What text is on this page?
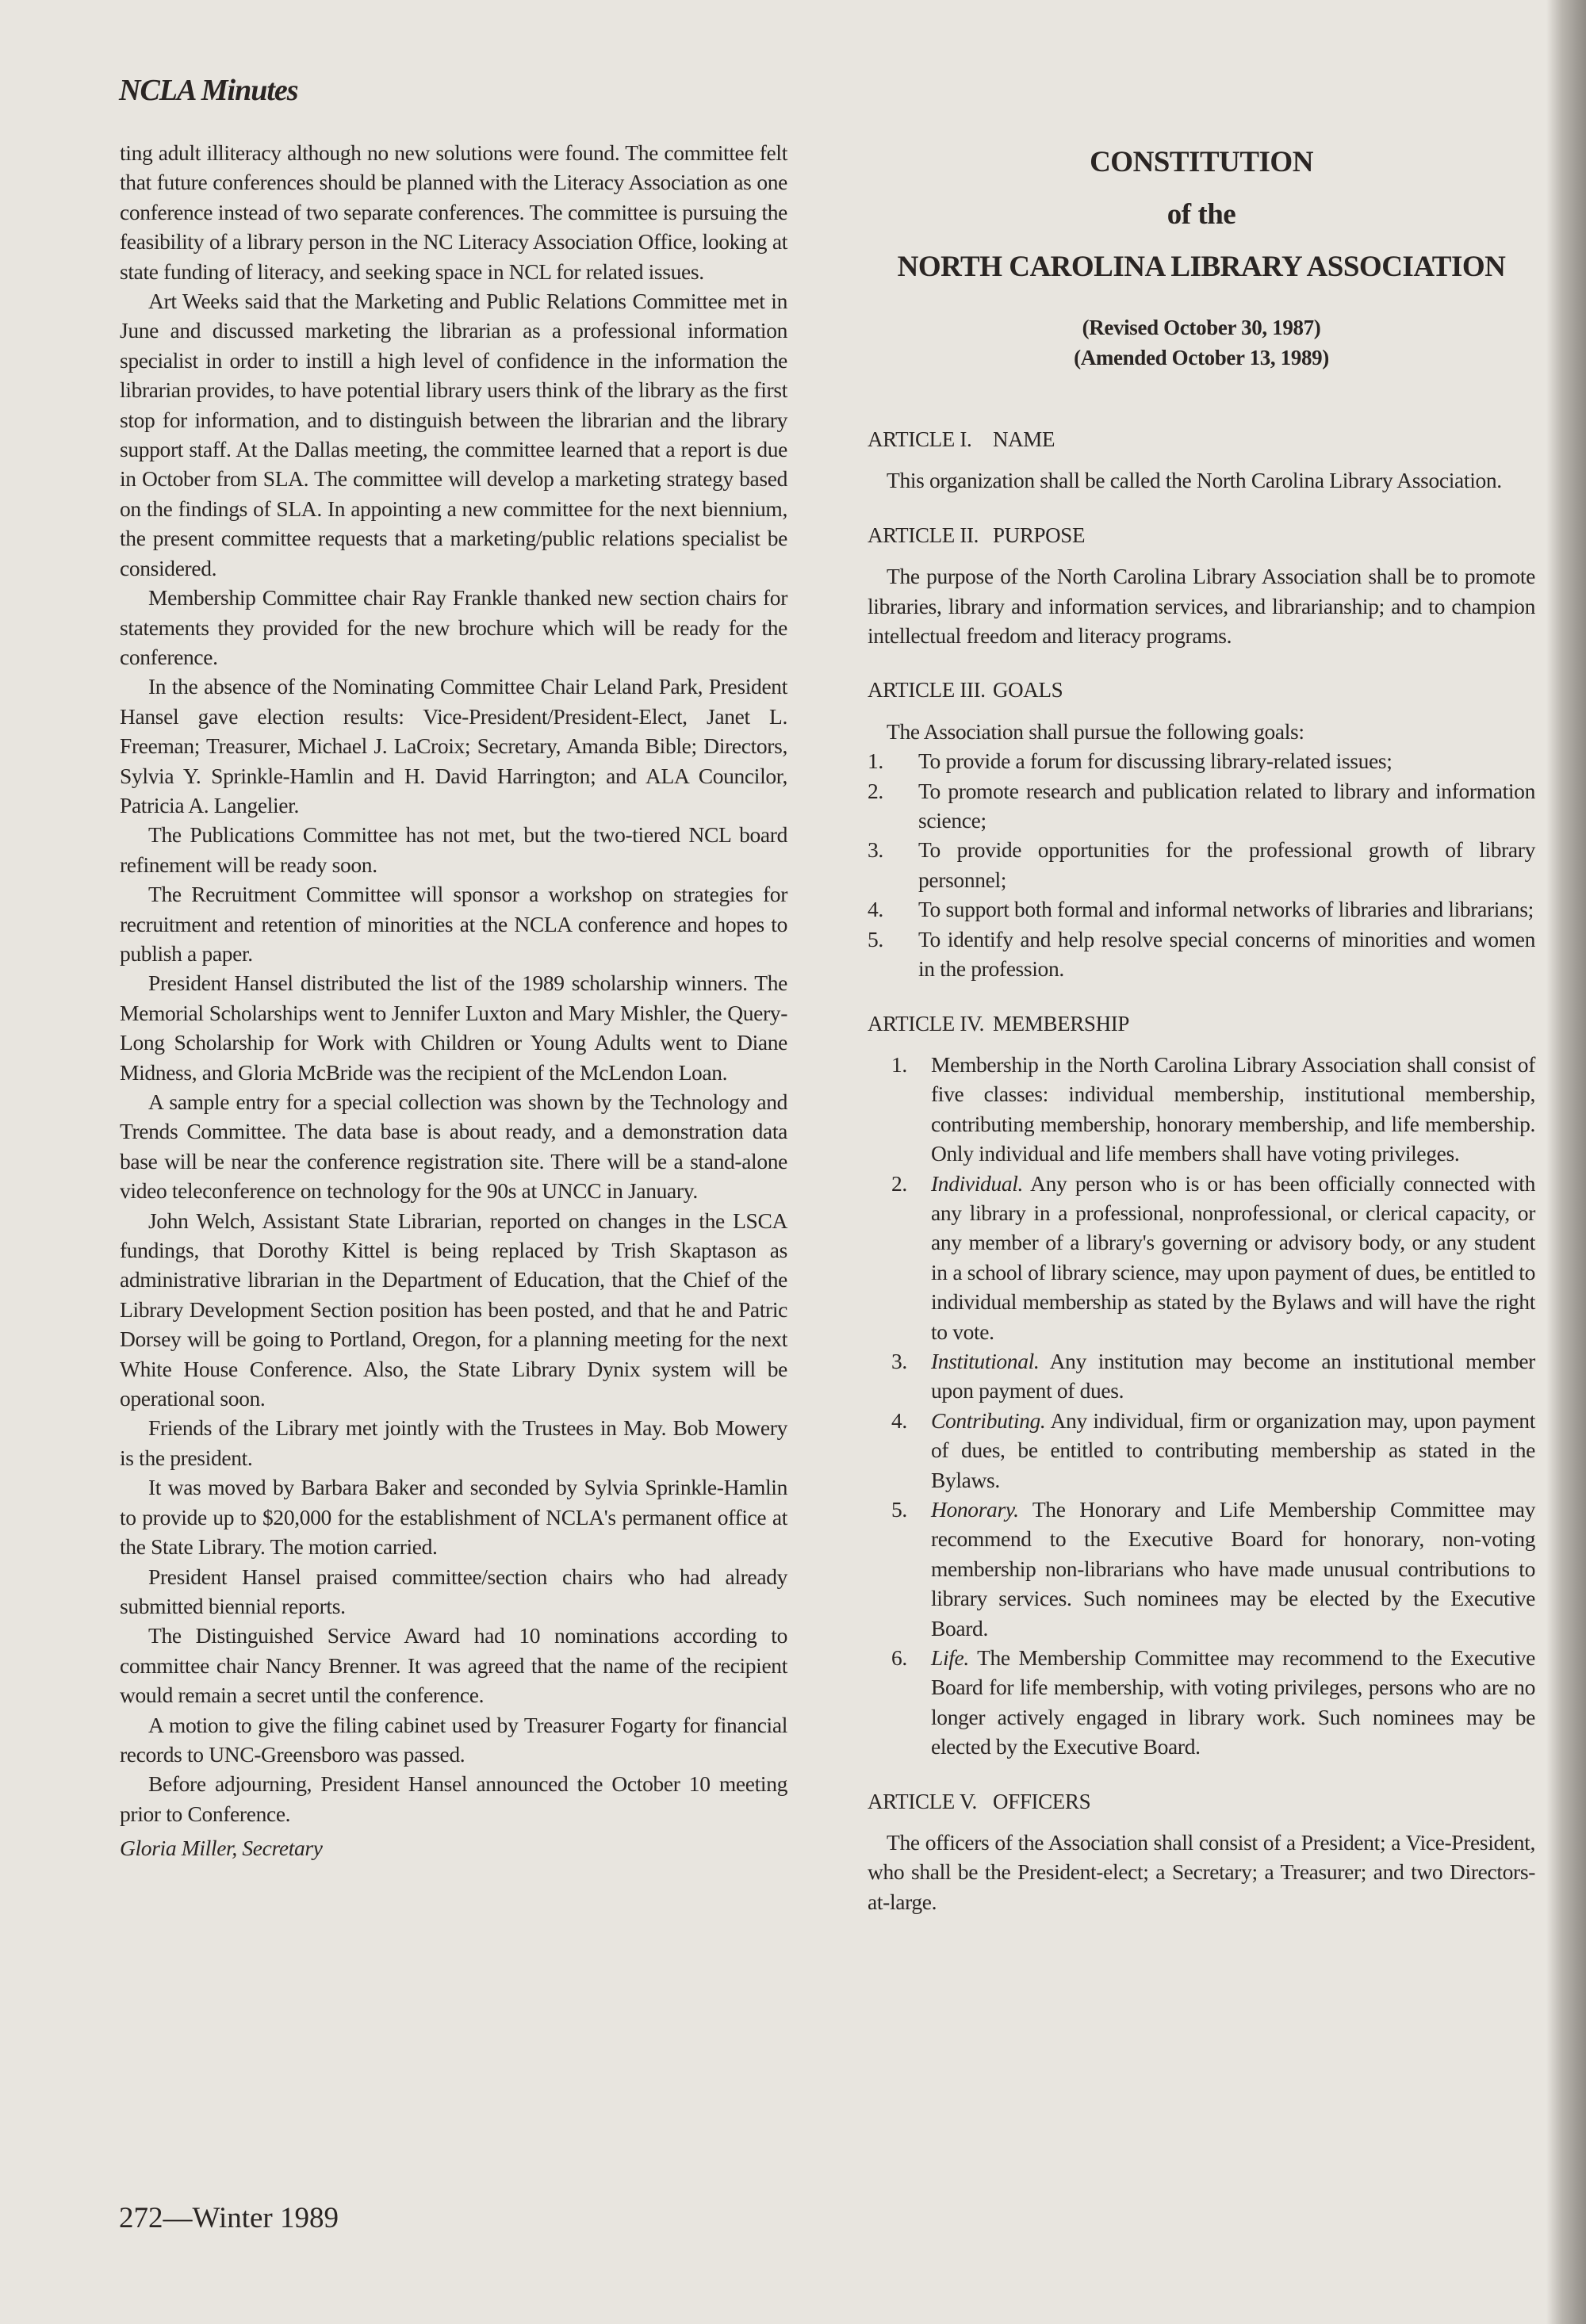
NCLA Minutes

ting adult illiteracy although no new solutions were found. The committee felt that future conferences should be planned with the Literacy Association as one conference instead of two separate conferences. The committee is pursuing the feasibility of a library person in the NC Literacy Association Office, looking at state funding of literacy, and seeking space in NCL for related issues.

Art Weeks said that the Marketing and Public Relations Committee met in June and discussed marketing the librarian as a professional information specialist in order to instill a high level of confidence in the information the librarian provides, to have potential library users think of the library as the first stop for information, and to distinguish between the librarian and the library support staff. At the Dallas meeting, the committee learned that a report is due in October from SLA. The committee will develop a marketing strategy based on the findings of SLA. In appointing a new committee for the next biennium, the present committee requests that a marketing/public relations specialist be considered.

Membership Committee chair Ray Frankle thanked new section chairs for statements they provided for the new brochure which will be ready for the conference.

In the absence of the Nominating Committee Chair Leland Park, President Hansel gave election results: Vice-President/President-Elect, Janet L. Freeman; Treasurer, Michael J. LaCroix; Secretary, Amanda Bible; Directors, Sylvia Y. Sprinkle-Hamlin and H. David Harrington; and ALA Councilor, Patricia A. Langelier.

The Publications Committee has not met, but the two-tiered NCL board refinement will be ready soon.

The Recruitment Committee will sponsor a workshop on strategies for recruitment and retention of minorities at the NCLA conference and hopes to publish a paper.

President Hansel distributed the list of the 1989 scholarship winners. The Memorial Scholarships went to Jennifer Luxton and Mary Mishler, the Query-Long Scholarship for Work with Children or Young Adults went to Diane Midness, and Gloria McBride was the recipient of the McLendon Loan.

A sample entry for a special collection was shown by the Technology and Trends Committee. The data base is about ready, and a demonstration data base will be near the conference registration site. There will be a stand-alone video teleconference on technology for the 90s at UNCC in January.

John Welch, Assistant State Librarian, reported on changes in the LSCA fundings, that Dorothy Kittel is being replaced by Trish Skaptason as administrative librarian in the Department of Education, that the Chief of the Library Development Section position has been posted, and that he and Patric Dorsey will be going to Portland, Oregon, for a planning meeting for the next White House Conference. Also, the State Library Dynix system will be operational soon.

Friends of the Library met jointly with the Trustees in May. Bob Mowery is the president.

It was moved by Barbara Baker and seconded by Sylvia Sprinkle-Hamlin to provide up to $20,000 for the establishment of NCLA's permanent office at the State Library. The motion carried.

President Hansel praised committee/section chairs who had already submitted biennial reports.

The Distinguished Service Award had 10 nominations according to committee chair Nancy Brenner. It was agreed that the name of the recipient would remain a secret until the conference.

A motion to give the filing cabinet used by Treasurer Fogarty for financial records to UNC-Greensboro was passed.

Before adjourning, President Hansel announced the October 10 meeting prior to Conference.

Gloria Miller, Secretary

CONSTITUTION
of the
NORTH CAROLINA LIBRARY ASSOCIATION
(Revised October 30, 1987)
(Amended October 13, 1989)
ARTICLE I. NAME

This organization shall be called the North Carolina Library Association.

ARTICLE II. PURPOSE

The purpose of the North Carolina Library Association shall be to promote libraries, library and information services, and librarianship; and to champion intellectual freedom and literacy programs.

ARTICLE III. GOALS
The Association shall pursue the following goals:
1. To provide a forum for discussing library-related issues;
2. To promote research and publication related to library and information science;
3. To provide opportunities for the professional growth of library personnel;
4. To support both formal and informal networks of libraries and librarians;
5. To identify and help resolve special concerns of minorities and women in the profession.
ARTICLE IV. MEMBERSHIP
1. Membership in the North Carolina Library Association shall consist of five classes: individual membership, institutional membership, contributing membership, honorary membership, and life membership. Only individual and life members shall have voting privileges.
2. Individual. Any person who is or has been officially connected with any library in a professional, nonprofessional, or clerical capacity, or any member of a library's governing or advisory body, or any student in a school of library science, may upon payment of dues, be entitled to individual membership as stated by the Bylaws and will have the right to vote.
3. Institutional. Any institution may become an institutional member upon payment of dues.
4. Contributing. Any individual, firm or organization may, upon payment of dues, be entitled to contributing membership as stated in the Bylaws.
5. Honorary. The Honorary and Life Membership Committee may recommend to the Executive Board for honorary, non-voting membership non-librarians who have made unusual contributions to library services. Such nominees may be elected by the Executive Board.
6. Life. The Membership Committee may recommend to the Executive Board for life membership, with voting privileges, persons who are no longer actively engaged in library work. Such nominees may be elected by the Executive Board.
ARTICLE V. OFFICERS

The officers of the Association shall consist of a President; a Vice-President, who shall be the President-elect; a Secretary; a Treasurer; and two Directors-at-large.

272—Winter 1989
